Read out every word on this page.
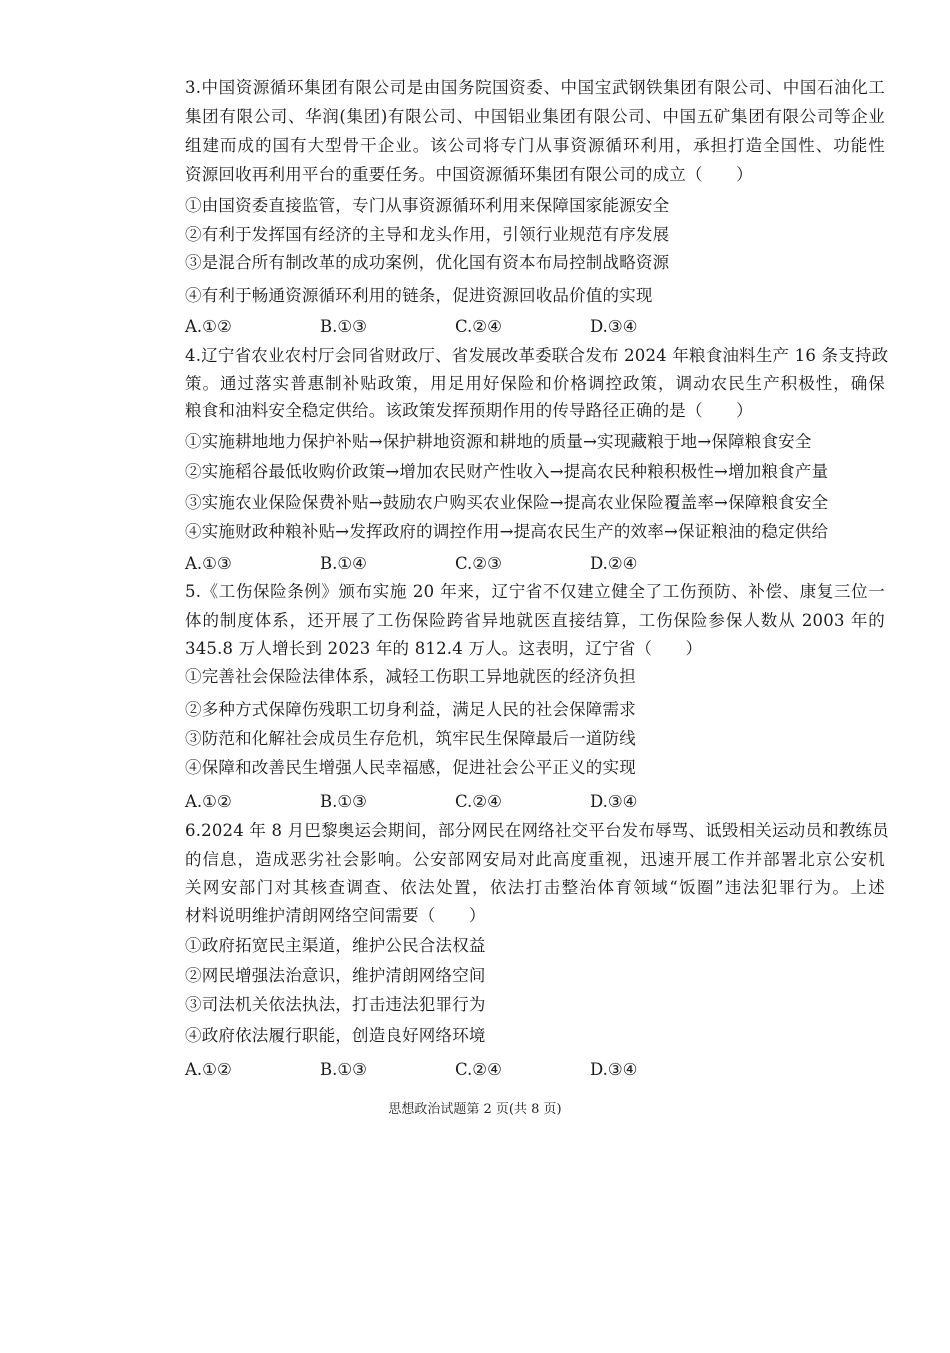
3.中国资源循环集团有限公司是由国务院国资委、中国宝武钢铁集团有限公司、中国石油化工
集团有限公司、华润(集团)有限公司、中国铝业集团有限公司、中国五矿集团有限公司等企业
组建而成的国有大型骨干企业。该公司将专门从事资源循环利用，承担打造全国性、功能性
资源回收再利用平台的重要任务。中国资源循环集团有限公司的成立（　　）
①由国资委直接监管，专门从事资源循环利用来保障国家能源安全
②有利于发挥国有经济的主导和龙头作用，引领行业规范有序发展
③是混合所有制改革的成功案例，优化国有资本布局控制战略资源
④有利于畅通资源循环利用的链条，促进资源回收品价值的实现
A.①②	B.①③	C.②④	D.③④
4.辽宁省农业农村厅会同省财政厅、省发展改革委联合发布 2024 年粮食油料生产 16 条支持政
策。通过落实普惠制补贴政策，用足用好保险和价格调控政策，调动农民生产积极性，确保
粮食和油料安全稳定供给。该政策发挥预期作用的传导路径正确的是（　　）
①实施耕地地力保护补贴→保护耕地资源和耕地的质量→实现藏粮于地→保障粮食安全
②实施稻谷最低收购价政策→增加农民财产性收入→提高农民种粮积极性→增加粮食产量
③实施农业保险保费补贴→鼓励农户购买农业保险→提高农业保险覆盖率→保障粮食安全
④实施财政种粮补贴→发挥政府的调控作用→提高农民生产的效率→保证粮油的稳定供给
A.①③	B.①④	C.②③	D.②④
5.《工伤保险条例》颁布实施 20 年来，辽宁省不仅建立健全了工伤预防、补偿、康复三位一
体的制度体系，还开展了工伤保险跨省异地就医直接结算，工伤保险参保人数从 2003 年的
345.8 万人增长到 2023 年的 812.4 万人。这表明，辽宁省（　　）
①完善社会保险法律体系，减轻工伤职工异地就医的经济负担
②多种方式保障伤残职工切身利益，满足人民的社会保障需求
③防范和化解社会成员生存危机，筑牢民生保障最后一道防线
④保障和改善民生增强人民幸福感，促进社会公平正义的实现
A.①②	B.①③	C.②④	D.③④
6.2024 年 8 月巴黎奥运会期间，部分网民在网络社交平台发布辱骂、诋毁相关运动员和教练员
的信息，造成恶劣社会影响。公安部网安局对此高度重视，迅速开展工作并部署北京公安机
关网安部门对其核查调查、依法处置，依法打击整治体育领域“饭圈”违法犯罪行为。上述
材料说明维护清朗网络空间需要（　　）
①政府拓宽民主渠道，维护公民合法权益
②网民增强法治意识，维护清朗网络空间
③司法机关依法执法，打击违法犯罪行为
④政府依法履行职能，创造良好网络环境
A.①②	B.①③	C.②④	D.③④
思想政治试题第 2 页(共 8 页)
